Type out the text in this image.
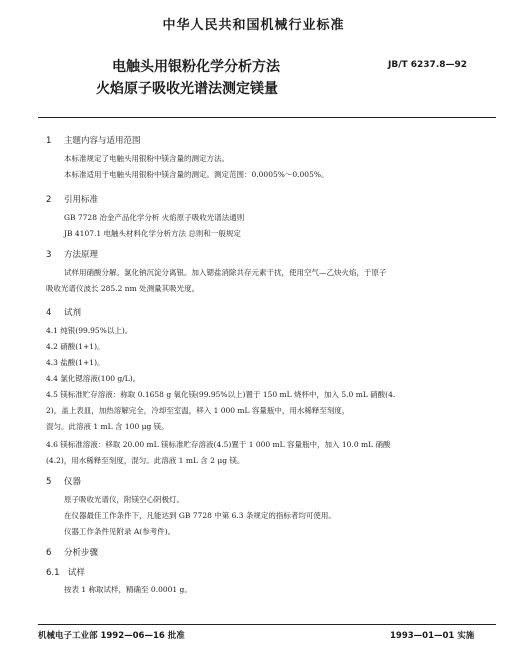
中华人民共和国机械行业标准
电触头用银粉化学分析方法
火焰原子吸收光谱法测定镁量
JB/T 6237.8—92
1 主题内容与适用范围
本标准规定了电触头用银粉中镁含量的测定方法。
本标准适用于电触头用银粉中镁含量的测定。测定范围：0.0005%～0.005%。
2 引用标准
GB 7728 冶金产品化学分析 火焰原子吸收光谱法通则
JB 4107.1 电触头材料化学分析方法 总则和一般规定
3 方法原理
试样用硝酸分解。氯化钠沉淀分离银。加入锶盐消除共存元素干扰，使用空气—乙炔火焰，于原子
吸收光谱仪波长 285.2 nm 处测量其吸光度。
4 试剂
4.1 纯银(99.95%以上)。
4.2 硝酸(1+1)。
4.3 盐酸(1+1)。
4.4 氯化锶溶液(100 g/L)。
4.5 镁标准贮存溶液：称取 0.1658 g 氧化镁(99.95%以上)置于 150 mL 烧杯中，加入 5.0 mL 硝酸(4.
2)，盖上表皿，加热溶解完全，冷却至室温，移入 1 000 mL 容量瓶中，用水稀释至刻度，
混匀。此溶液 1 mL 含 100 μg 镁。
4.6 镁标准溶液：移取 20.00 mL 镁标准贮存溶液(4.5)置于 1 000 mL 容量瓶中，加入 10.0 mL 硝酸
(4.2)，用水稀释至刻度，混匀。此溶液 1 mL 含 2 μg 镁。
5 仪器
原子吸收光谱仪，附镁空心阴极灯。
在仪器最佳工作条件下，凡能达到 GB 7728 中第 6.3 条规定的指标者均可使用。
仪器工作条件见附录 A(参考件)。
6 分析步骤
6.1 试样
按表 1 称取试样，精确至 0.0001 g。
机械电子工业部 1992—06—16 批准	1993—01—01 实施
